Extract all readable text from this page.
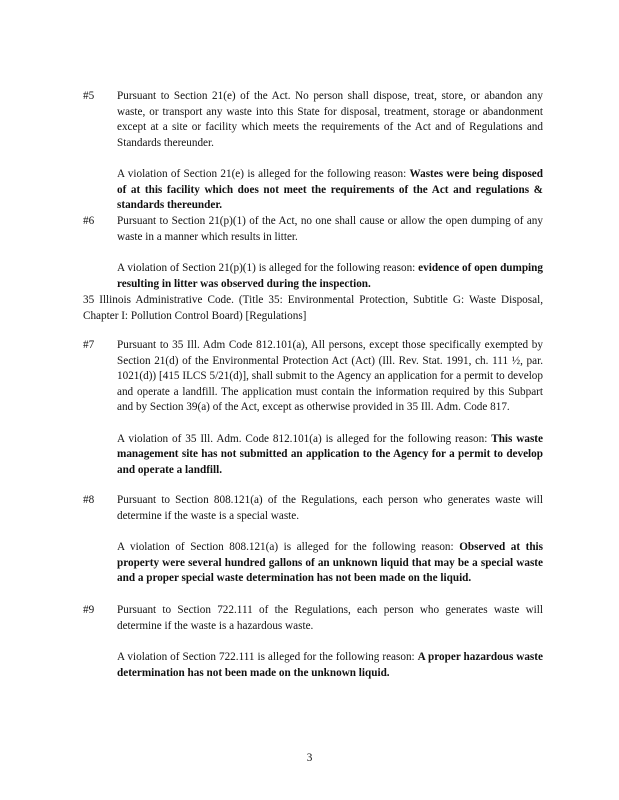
#5	Pursuant to Section 21(e) of the Act. No person shall dispose, treat, store, or abandon any waste, or transport any waste into this State for disposal, treatment, storage or abandonment except at a site or facility which meets the requirements of the Act and of Regulations and Standards thereunder.

A violation of Section 21(e) is alleged for the following reason: Wastes were being disposed of at this facility which does not meet the requirements of the Act and regulations & standards thereunder.

#6	Pursuant to Section 21(p)(1) of the Act, no one shall cause or allow the open dumping of any waste in a manner which results in litter.

A violation of Section 21(p)(1) is alleged for the following reason: evidence of open dumping resulting in litter was observed during the inspection.

35 Illinois Administrative Code. (Title 35: Environmental Protection, Subtitle G: Waste Disposal, Chapter I: Pollution Control Board) [Regulations]

#7	Pursuant to 35 Ill. Adm Code 812.101(a), All persons, except those specifically exempted by Section 21(d) of the Environmental Protection Act (Act) (Ill. Rev. Stat. 1991, ch. 111 ½, par. 1021(d)) [415 ILCS 5/21(d)], shall submit to the Agency an application for a permit to develop and operate a landfill. The application must contain the information required by this Subpart and by Section 39(a) of the Act, except as otherwise provided in 35 Ill. Adm. Code 817.

A violation of 35 Ill. Adm. Code 812.101(a) is alleged for the following reason: This waste management site has not submitted an application to the Agency for a permit to develop and operate a landfill.

#8	Pursuant to Section 808.121(a) of the Regulations, each person who generates waste will determine if the waste is a special waste.

A violation of Section 808.121(a) is alleged for the following reason: Observed at this property were several hundred gallons of an unknown liquid that may be a special waste and a proper special waste determination has not been made on the liquid.

#9	Pursuant to Section 722.111 of the Regulations, each person who generates waste will determine if the waste is a hazardous waste.

A violation of Section 722.111 is alleged for the following reason: A proper hazardous waste determination has not been made on the unknown liquid.

3
